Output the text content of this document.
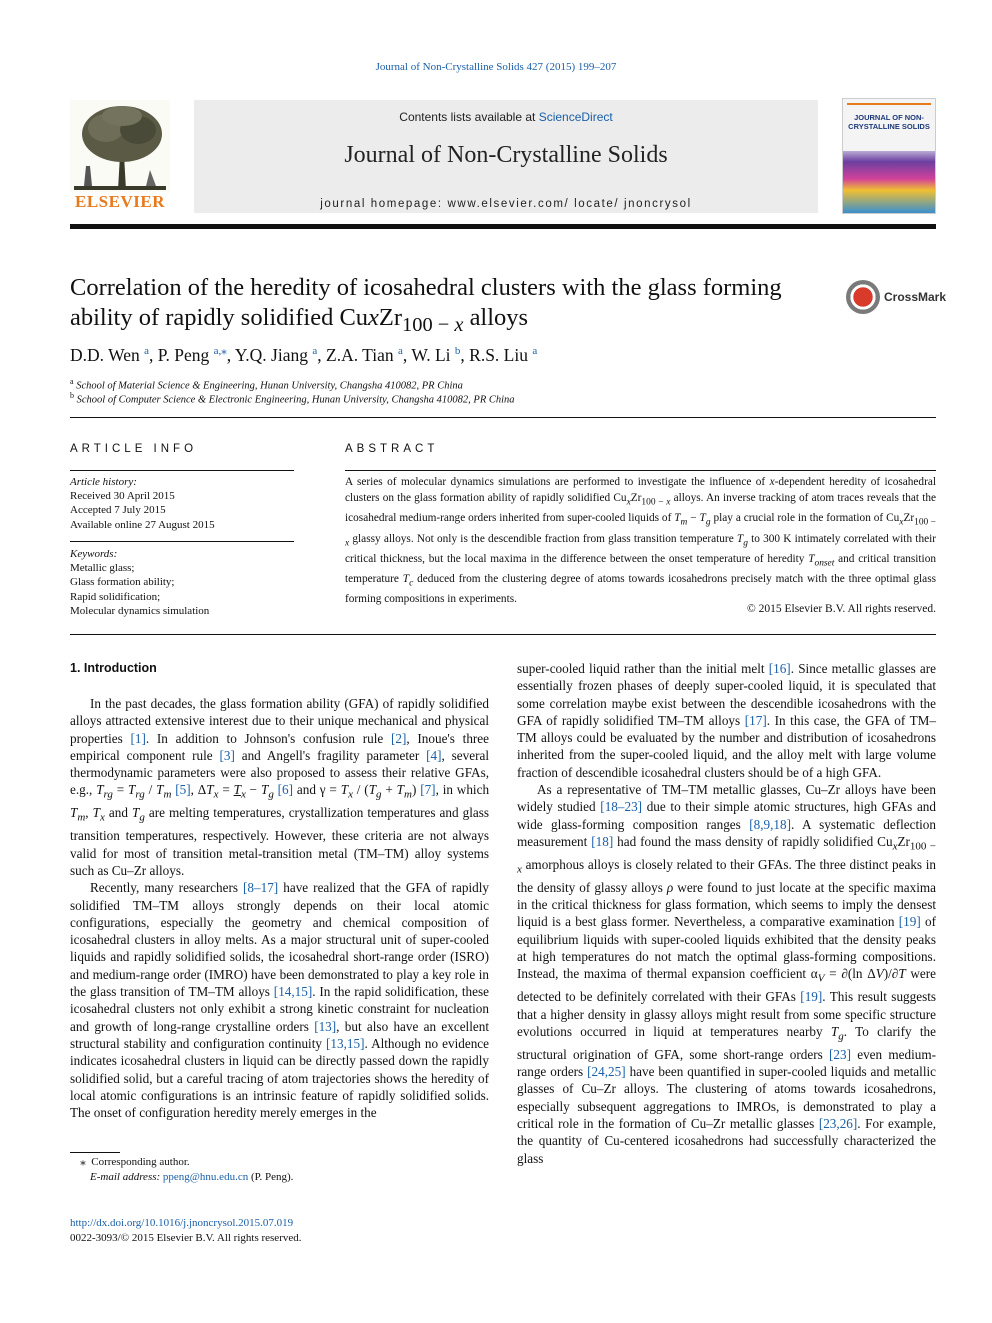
Journal of Non-Crystalline Solids 427 (2015) 199–207
ELSEVIER
Contents lists available at ScienceDirect
Journal of Non-Crystalline Solids
journal homepage: www.elsevier.com/ locate/ jnoncrysol
JOURNAL OF NON-CRYSTALLINE SOLIDS
Correlation of the heredity of icosahedral clusters with the glass forming
ability of rapidly solidified CuxZr$_{100 - x}$ alloys
CrossMark
D.D. Wen $^a$, P. Peng $^{a,⁎}$, Y.Q. Jiang $^a$, Z.A. Tian $^a$, W. Li $^b$, R.S. Liu $^a$
$^a$ School of Material Science & Engineering, Hunan University, Changsha 410082, PR China
$^b$ School of Computer Science & Electronic Engineering, Hunan University, Changsha 410082, PR China
ARTICLE INFO	ABSTRACT
Article history:
Received 30 April 2015
Accepted 7 July 2015
Available online 27 August 2015
Keywords:
Metallic glass;
Glass formation ability;
Rapid solidification;
Molecular dynamics simulation
A series of molecular dynamics simulations are performed to investigate the influence of x-dependent heredity of icosahedral clusters on the glass formation ability of rapidly solidified $Cu_xZr_{100 - x}$ alloys. An inverse tracking of atom traces reveals that the icosahedral medium-range orders inherited from super-cooled liquids of $T_m - T_g$ play a crucial role in the formation of $Cu_xZr_{100 - x}$ glassy alloys. Not only is the descendible fraction from glass transition temperature $T_g$ to 300 K intimately correlated with their critical thickness, but the local maxima in the difference between the onset temperature of heredity $T_{onset}$ and critical transition temperature $T_c$ deduced from the clustering degree of atoms towards icosahedrons precisely match with the three optimal glass forming compositions in experiments.
© 2015 Elsevier B.V. All rights reserved.
1. Introduction

In the past decades, the glass formation ability (GFA) of rapidly solidified alloys attracted extensive interest due to their unique mechanical and physical properties [1]. In addition to Johnson's confusion rule [2], Inoue's three empirical component rule [3] and Angell's fragility parameter [4], several thermodynamic parameters were also proposed to assess their relative GFAs, e.g., $T_{rg} = T_{rg} / T_m$ [5], $\Delta T_x = T_x - T_g$ [6] and $\gamma = T_x / (T_g + T_m)$ [7], in which $T_m$, $T_x$ and $T_g$ are melting temperatures, crystallization temperatures and glass transition temperatures, respectively. However, these criteria are not always valid for most of transition metal-transition metal (TM–TM) alloy systems such as Cu–Zr alloys.

Recently, many researchers [8–17] have realized that the GFA of rapidly solidified TM–TM alloys strongly depends on their local atomic configurations, especially the geometry and chemical composition of icosahedral clusters in alloy melts. As a major structural unit of super-cooled liquids and rapidly solidified solids, the icosahedral short-range order (ISRO) and medium-range order (IMRO) have been demonstrated to play a key role in the glass transition of TM–TM alloys [14,15]. In the rapid solidification, these icosahedral clusters not only exhibit a strong kinetic constraint for nucleation and growth of long-range crystalline orders [13], but also have an excellent structural stability and configuration continuity [13,15]. Although no evidence indicates icosahedral clusters in liquid can be directly passed down the rapidly solidified solid, but a careful tracing of atom trajectories shows the heredity of local atomic configurations is an intrinsic feature of rapidly solidified solids. The onset of configuration heredity merely emerges in the

super-cooled liquid rather than the initial melt [16]. Since metallic glasses are essentially frozen phases of deeply super-cooled liquid, it is speculated that some correlation maybe exist between the descendible icosahedrons with the GFA of rapidly solidified TM–TM alloys [17]. In this case, the GFA of TM–TM alloys could be evaluated by the number and distribution of icosahedrons inherited from the super-cooled liquid, and the alloy melt with large volume fraction of descendible icosahedral clusters should be of a high GFA.

As a representative of TM–TM metallic glasses, Cu–Zr alloys have been widely studied [18–23] due to their simple atomic structures, high GFAs and wide glass-forming composition ranges [8,9,18]. A systematic deflection measurement [18] had found the mass density of rapidly solidified $Cu_xZr_{100 - x}$ amorphous alloys is closely related to their GFAs. The three distinct peaks in the density of glassy alloys ρ were found to just locate at the specific maxima in the critical thickness for glass formation, which seems to imply the densest liquid is a best glass former. Nevertheless, a comparative examination [19] of equilibrium liquids with super-cooled liquids exhibited that the density peaks at high temperatures do not match the optimal glass-forming compositions. Instead, the maxima of thermal expansion coefficient $\alpha_V = \partial(\ln$ ΔV)/∂T were detected to be definitely correlated with their GFAs [19]. This result suggests that a higher density in glassy alloys might result from some specific structure evolutions occurred in liquid at temperatures nearby $T_g$. To clarify the structural origination of GFA, some short-range orders [23] even medium-range orders [24,25] have been quantified in super-cooled liquids and metallic glasses of Cu–Zr alloys. The clustering of atoms towards icosahedrons, especially subsequent aggregations to IMROs, is demonstrated to play a critical role in the formation of Cu–Zr metallic glasses [23,26]. For example, the quantity of Cu-centered icosahedrons had successfully characterized the glass

⁎  Corresponding author.
E-mail address: ppeng@hnu.edu.cn (P. Peng).
http://dx.doi.org/10.1016/j.jnoncrysol.2015.07.019
0022-3093/© 2015 Elsevier B.V. All rights reserved.
